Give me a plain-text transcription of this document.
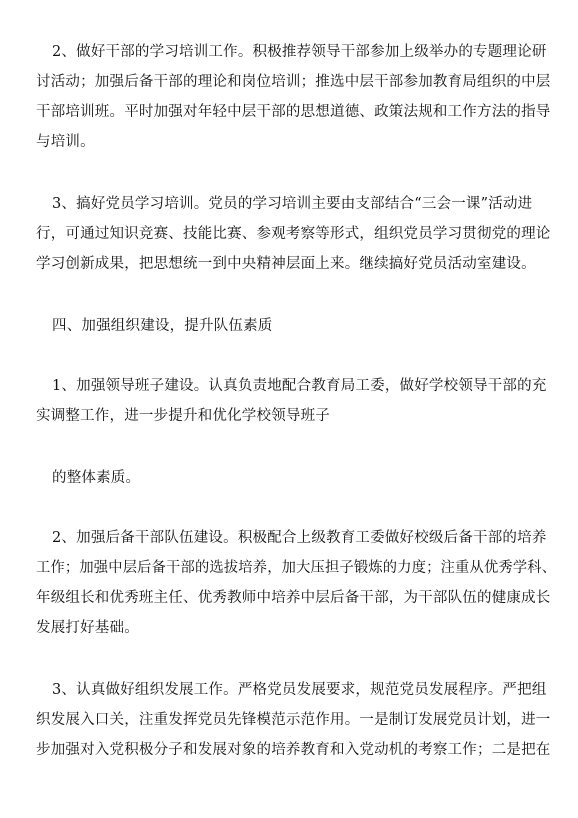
2、做好干部的学习培训工作。积极推荐领导干部参加上级举办的专题理论研
讨活动；加强后备干部的理论和岗位培训；推选中层干部参加教育局组织的中层
干部培训班。平时加强对年轻中层干部的思想道德、政策法规和工作方法的指导
与培训。
3、搞好党员学习培训。党员的学习培训主要由支部结合“三会一课”活动进
行，可通过知识竞赛、技能比赛、参观考察等形式，组织党员学习贯彻党的理论
学习创新成果，把思想统一到中央精神层面上来。继续搞好党员活动室建设。
四、加强组织建设，提升队伍素质
1、加强领导班子建设。认真负责地配合教育局工委，做好学校领导干部的充
实调整工作，进一步提升和优化学校领导班子
的整体素质。
2、加强后备干部队伍建设。积极配合上级教育工委做好校级后备干部的培养
工作；加强中层后备干部的选拔培养，加大压担子锻炼的力度；注重从优秀学科、
年级组长和优秀班主任、优秀教师中培养中层后备干部，为干部队伍的健康成长
发展打好基础。
3、认真做好组织发展工作。严格党员发展要求，规范党员发展程序。严把组
织发展入口关，注重发挥党员先锋模范示范作用。一是制订发展党员计划，进一
步加强对入党积极分子和发展对象的培养教育和入党动机的考察工作；二是把在
